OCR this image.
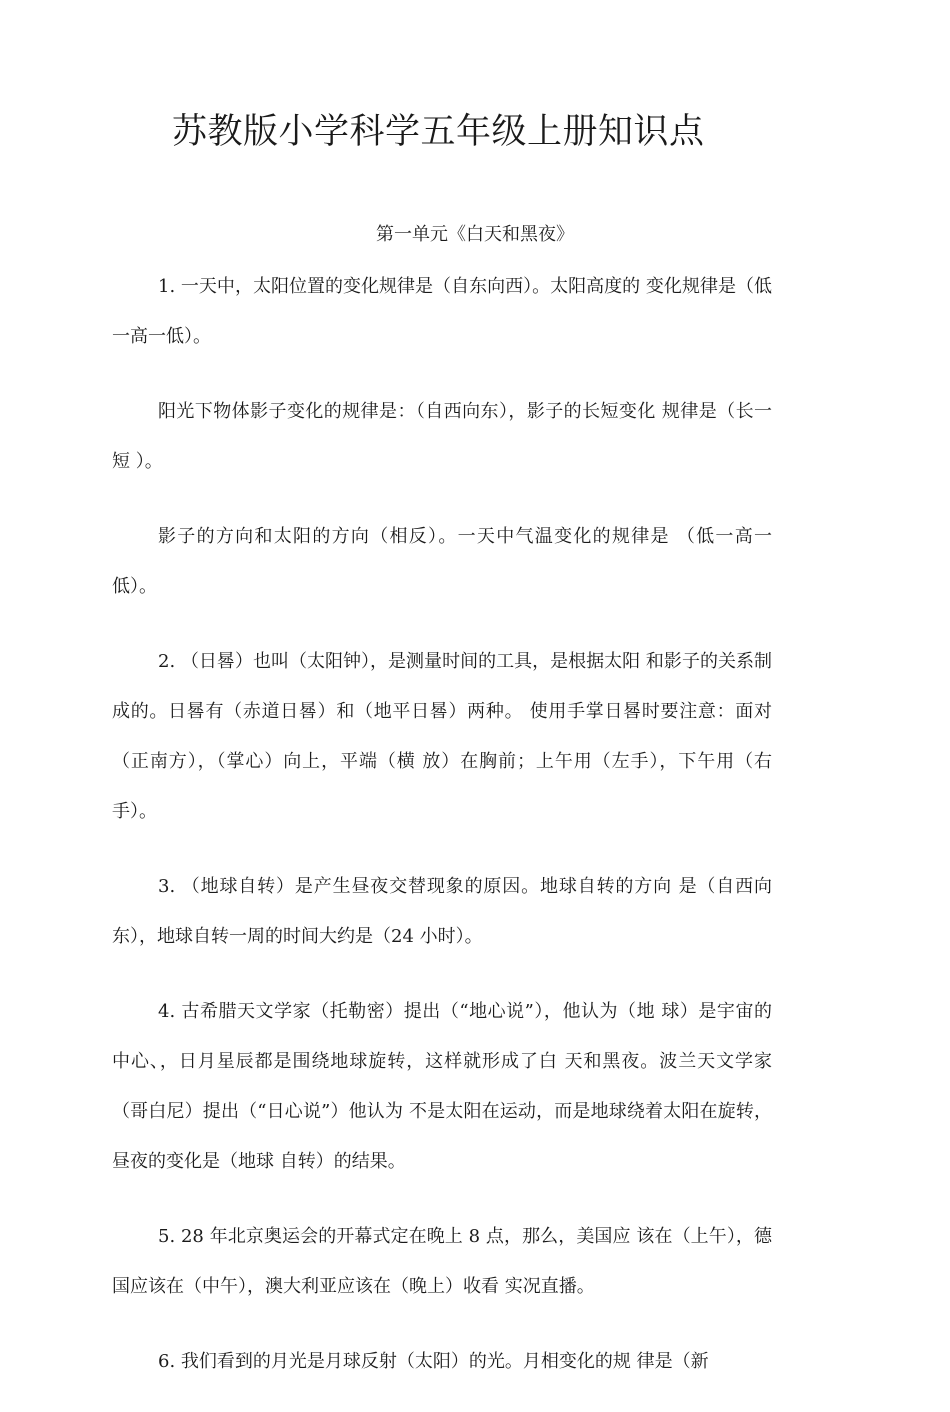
苏教版小学科学五年级上册知识点
第一单元《白天和黑夜》

1. 一天中，太阳位置的变化规律是（自东向西）。太阳高度的 变化规律是（低一高一低）。

阳光下物体影子变化的规律是：（自西向东），影子的长短变化 规律是（长一短 ）。

影子的方向和太阳的方向（相反）。一天中气温变化的规律是 （低一高一低）。

2. （日晷）也叫（太阳钟），是测量时间的工具，是根据太阳 和影子的关系制成的。日晷有（赤道日晷）和（地平日晷）两种。 使用手掌日晷时要注意：面对（正南方），（掌心）向上，平端（横 放）在胸前；上午用（左手），下午用（右手）。

3. （地球自转）是产生昼夜交替现象的原因。地球自转的方向 是（自西向东），地球自转一周的时间大约是（24 小时）。

4. 古希腊天文学家（托勒密）提出（“地心说”），他认为（地 球）是宇宙的中心、，日月星辰都是围绕地球旋转，这样就形成了白 天和黑夜。波兰天文学家（哥白尼）提出（“日心说”）他认为 不是太阳在运动，而是地球绕着太阳在旋转，昼夜的变化是（地球 自转）的结果。

5. 28 年北京奥运会的开幕式定在晚上 8 点，那么，美国应 该在（上午），德国应该在（中午），澳大利亚应该在（晚上）收看 实况直播。

6. 我们看到的月光是月球反射（太阳）的光。月相变化的规 律是（新
